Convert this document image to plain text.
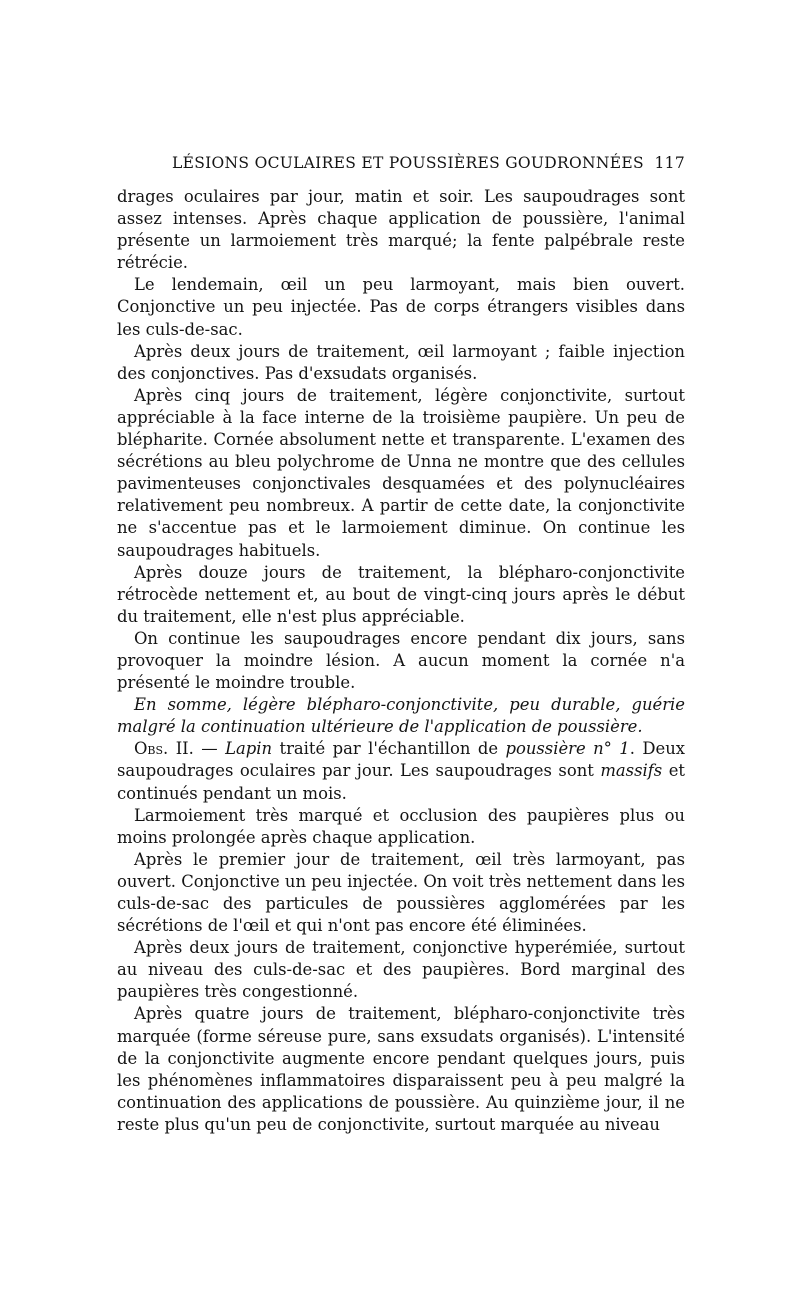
LÉSIONS OCULAIRES ET POUSSIÈRES GOUDRONNÉES 117

drages oculaires par jour, matin et soir. Les saupoudrages sont assez intenses. Après chaque application de poussière, l'animal présente un larmoiement très marqué; la fente palpébrale reste rétrécie.

Le lendemain, œil un peu larmoyant, mais bien ouvert. Conjonctive un peu injectée. Pas de corps étrangers visibles dans les culs-de-sac.

Après deux jours de traitement, œil larmoyant ; faible injection des conjonctives. Pas d'exsudats organisés.

Après cinq jours de traitement, légère conjonctivite, surtout appréciable à la face interne de la troisième paupière. Un peu de blépharite. Cornée absolument nette et transparente. L'examen des sécrétions au bleu polychrome de Unna ne montre que des cellules pavimenteuses conjonctivales desquamées et des polynucléaires relativement peu nombreux. A partir de cette date, la conjonctivite ne s'accentue pas et le larmoiement diminue. On continue les saupoudrages habituels.

Après douze jours de traitement, la blépharo-conjonctivite rétrocède nettement et, au bout de vingt-cinq jours après le début du traitement, elle n'est plus appréciable.

On continue les saupoudrages encore pendant dix jours, sans provoquer la moindre lésion. A aucun moment la cornée n'a présenté le moindre trouble.

En somme, légère blépharo-conjonctivite, peu durable, guérie malgré la continuation ultérieure de l'application de poussière.

Obs. II. — Lapin traité par l'échantillon de poussière n° 1. Deux saupoudrages oculaires par jour. Les saupoudrages sont massifs et continués pendant un mois.

Larmoiement très marqué et occlusion des paupières plus ou moins prolongée après chaque application.

Après le premier jour de traitement, œil très larmoyant, pas ouvert. Conjonctive un peu injectée. On voit très nettement dans les culs-de-sac des particules de poussières agglomérées par les sécrétions de l'œil et qui n'ont pas encore été éliminées.

Après deux jours de traitement, conjonctive hyperémiée, surtout au niveau des culs-de-sac et des paupières. Bord marginal des paupières très congestionné.

Après quatre jours de traitement, blépharo-conjonctivite très marquée (forme séreuse pure, sans exsudats organisés). L'intensité de la conjonctivite augmente encore pendant quelques jours, puis les phénomènes inflammatoires disparaissent peu à peu malgré la continuation des applications de poussière. Au quinzième jour, il ne reste plus qu'un peu de conjonctivite, surtout marquée au niveau
